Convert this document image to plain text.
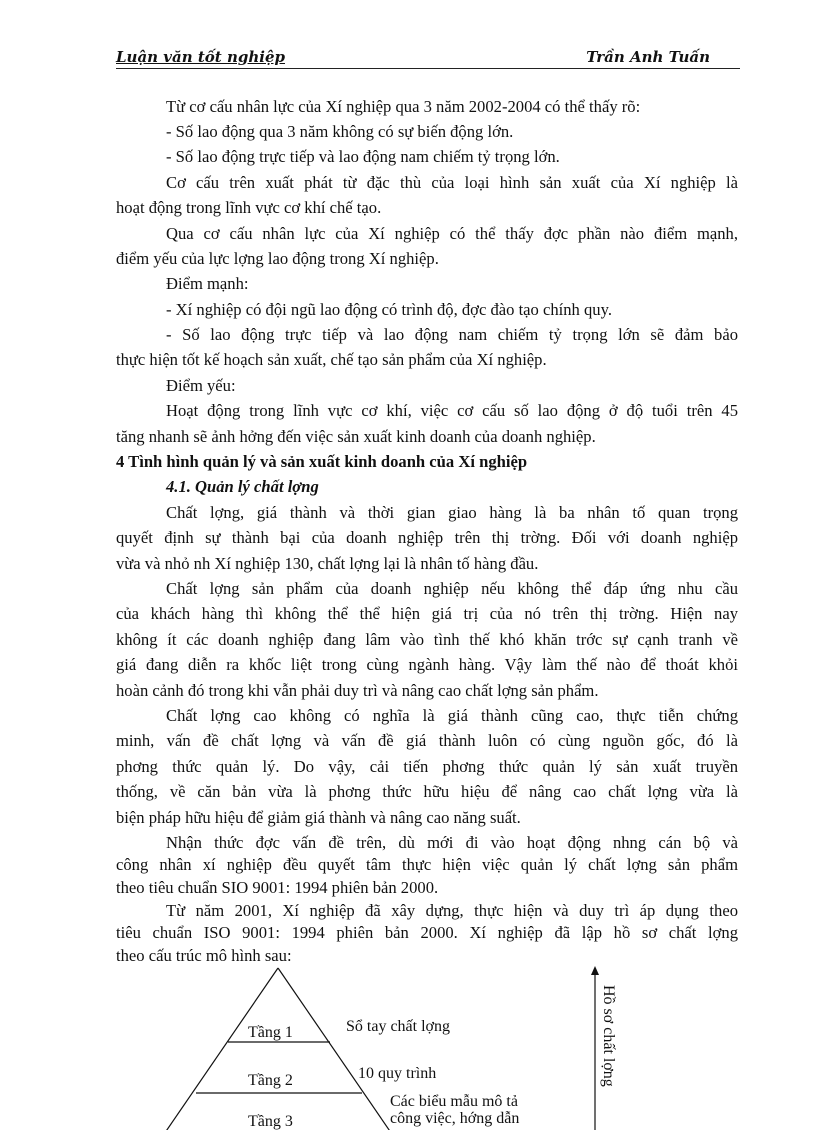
Luận văn tốt nghiệp	Trần Anh Tuấn
Từ cơ cấu nhân lực của Xí nghiệp qua 3 năm 2002-2004 có thể thấy rõ:
- Số lao động qua 3 năm không có sự biến động lớn.
- Số lao động trực tiếp và lao động nam chiếm tỷ trọng lớn.
Cơ cấu trên xuất phát từ đặc thù của loại hình sản xuất của Xí nghiệp là
hoạt động trong lĩnh vực cơ khí chế tạo.
Qua cơ cấu nhân lực của Xí nghiệp có thể thấy đợc phần nào điểm mạnh,
điểm yếu của lực lợng lao động trong Xí nghiệp.
Điểm mạnh:
- Xí nghiệp có đội ngũ lao động có trình độ, đợc đào tạo chính quy.
- Số lao động trực tiếp và lao động nam chiếm tỷ trọng lớn sẽ đảm bảo
thực hiện tốt kế hoạch sản xuất, chế tạo sản phẩm của Xí nghiệp.
Điểm yếu:
Hoạt động trong lĩnh vực cơ khí, việc cơ cấu số lao động ở độ tuổi trên 45
tăng nhanh sẽ ảnh hởng đến việc sản xuất kinh doanh của doanh nghiệp.
4 Tình hình quản lý và sản xuất kinh doanh của Xí nghiệp
4.1. Quản lý chất lợng
Chất lợng, giá thành và thời gian giao hàng là ba nhân tố quan trọng
quyết định sự thành bại của doanh nghiệp trên thị trờng. Đối với doanh nghiệp
vừa và nhỏ nh Xí nghiệp 130, chất lợng lại là nhân tố hàng đầu.
Chất lợng sản phẩm của doanh nghiệp nếu không thể đáp ứng nhu cầu
của khách hàng thì không thể thể hiện giá trị của nó trên thị trờng. Hiện nay
không ít các doanh nghiệp đang lâm vào tình thế khó khăn trớc sự cạnh tranh về
giá đang diễn ra khốc liệt trong cùng ngành hàng. Vậy làm thế nào để thoát khỏi
hoàn cảnh đó trong khi vẫn phải duy trì và nâng cao chất lợng sản phẩm.
Chất lợng cao không có nghĩa là giá thành cũng cao, thực tiễn chứng
minh, vấn đề chất lợng và vấn đề giá thành luôn có cùng nguồn gốc, đó là
phơng thức quản lý. Do vậy, cải tiến phơng thức quản lý sản xuất truyền
thống, về căn bản vừa là phơng thức hữu hiệu để nâng cao chất lợng vừa là
biện pháp hữu hiệu để giảm giá thành và nâng cao năng suất.
Nhận thức đợc vấn đề trên, dù mới đi vào hoạt động nhng cán bộ và
công nhân xí nghiệp đều quyết tâm thực hiện việc quản lý chất lợng sản phẩm
theo tiêu chuẩn SIO 9001: 1994 phiên bản 2000.
Từ năm 2001, Xí nghiệp đã xây dựng, thực hiện và duy trì áp dụng theo
tiêu chuẩn ISO 9001: 1994 phiên bản 2000. Xí nghiệp đã lập hồ sơ chất lợng
theo cấu trúc mô hình sau:
Tầng 1
Tầng 2
Tầng 3
Sổ tay chất lợng
10 quy trình
Các biểu mẫu mô tả
công việc, hớng dẫn
Hồ sơ chất lợng
